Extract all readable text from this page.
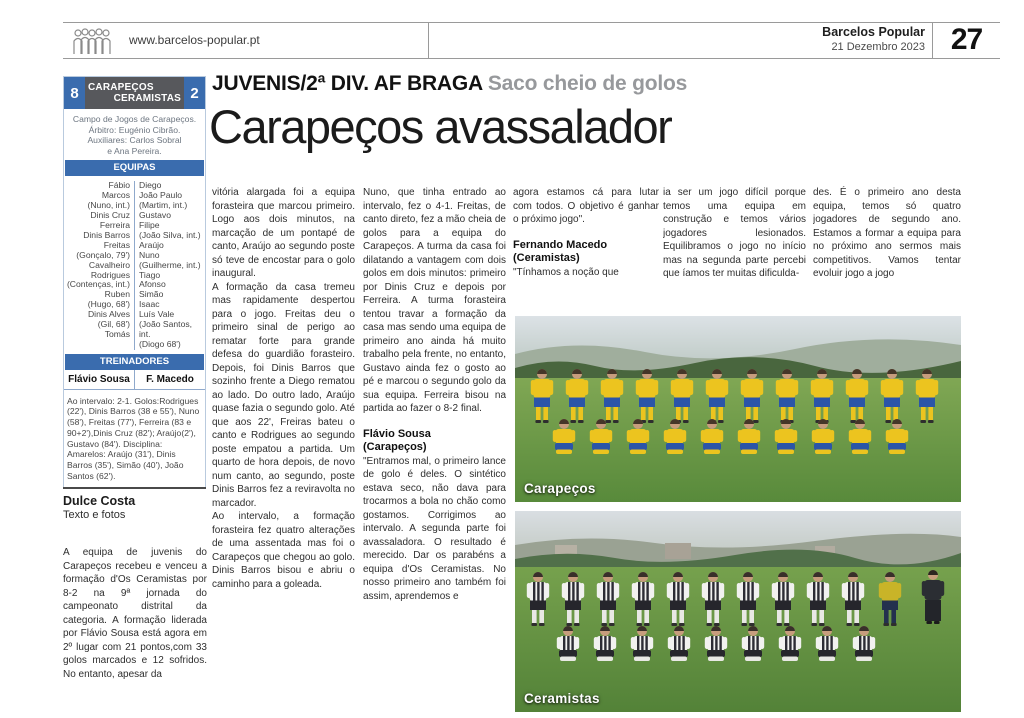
www.barcelos-popular.pt
Barcelos Popular
21 Dezembro 2023 27
8 CARAPEÇOS
CERAMISTAS 2
Campo de Jogos de Carapeços.
Árbitro: Eugénio Cibrão.
Auxiliares: Carlos Sobral
e Ana Pereira.
EQUIPAS
Fábio
Marcos
(Nuno, int.)
Dinis Cruz
Ferreira
Dinis Barros
Freitas
(Gonçalo, 79')
Cavalheiro
Rodrigues
(Contenças, int.)
Ruben
(Hugo, 68')
Dinis Alves
(Gil, 68')
Tomás
Diego
João Paulo
(Martim, int.)
Gustavo
Filipe
(João Silva, int.)
Araújo
Nuno
(Guilherme, int.)
Tiago
Afonso
Simão
Isaac
Luís Vale
(João Santos, int.
(Diogo 68')
TREINADORES
Flávio Sousa	F. Macedo
Ao intervalo: 2-1. Golos:Rodrigues (22'), Dinis Barros (38 e 55'), Nuno (58'), Freitas (77'), Ferreira (83 e 90+2'),Dinis Cruz (82'); Araújo(2'), Gustavo (84'). Disciplina: Amarelos: Araújo (31'), Dinis Barros (35'), Simão (40'), João Santos (62').
Dulce Costa
Texto e fotos

A equipa de juvenis do Carapeços recebeu e venceu a formação d'Os Ceramistas por 8-2 na 9ª jornada do campeonato distrital da categoria. A formação liderada por Flávio Sousa está agora em 2º lugar com 21 pontos,com 33 golos marcados e 12 sofridos. No entanto, apesar da

JUVENIS/2ª DIV. AF BRAGA Saco cheio de golos
Carapeços avassalador

vitória alargada foi a equipa forasteira que marcou primeiro. Logo aos dois minutos, na marcação de um pontapé de canto, Araújo ao segundo poste só teve de encostar para o golo inaugural.

A formação da casa tremeu mas rapidamente despertou para o jogo. Freitas deu o primeiro sinal de perigo ao rematar forte para grande defesa do guardião forasteiro. Depois, foi Dinis Barros que sozinho frente a Diego rematou ao lado. Do outro lado, Araújo quase fazia o segundo golo. Até que aos 22', Freiras bateu o canto e Rodrigues ao segundo poste empatou a partida. Um quarto de hora depois, de novo num canto, ao segundo, poste Dinis Barros fez a reviravolta no marcador.

Ao intervalo, a formação forasteira fez quatro alterações de uma assentada mas foi o Carapeços que chegou ao golo. Dinis Barros bisou e abriu o caminho para a goleada.

Nuno, que tinha entrado ao intervalo, fez o 4-1. Freitas, de canto direto, fez a mão cheia de golos para a equipa do Carapeços. A turma da casa foi dilatando a vantagem com dois golos em dois minutos: primeiro por Dinis Cruz e depois por Ferreira. A turma forasteira tentou travar a formação da casa mas sendo uma equipa de primeiro ano ainda há muito trabalho pela frente, no entanto, Gustavo ainda fez o gosto ao pé e marcou o segundo golo da sua equipa. Ferreira bisou na partida ao fazer o 8-2 final.

Flávio Sousa

(Carapeços)

"Entramos mal, o primeiro lance de golo é deles. O sintético estava seco, não dava para trocarmos a bola no chão como gostamos. Corrigimos ao intervalo. A segunda parte foi avassaladora. O resultado é merecido. Dar os parabéns a equipa d'Os Ceramistas. No nosso primeiro ano também foi assim, aprendemos e

agora estamos cá para lutar com todos. O objetivo é ganhar o próximo jogo".

Fernando Macedo

(Ceramistas)

"Tínhamos a noção que

ia ser um jogo difícil porque temos uma equipa em construção e temos vários jogadores lesionados. Equilibramos o jogo no início mas na segunda parte percebi que íamos ter muitas dificulda-

des. É o primeiro ano desta equipa, temos só quatro jogadores de segundo ano. Estamos a formar a equipa para no próximo ano sermos mais competitivos. Vamos tentar evoluir jogo a jogo

Carapeços
Ceramistas
